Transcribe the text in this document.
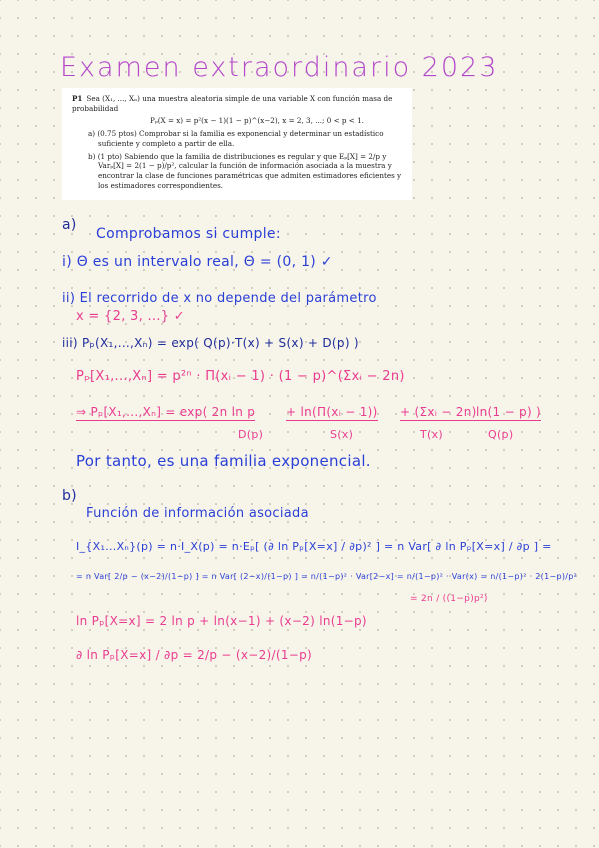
Examen extraordinario 2023

P1 Sea (X₁, ..., Xₙ) una muestra aleatoria simple de una variable X con función masa de probabilidad

Pₚ(X = x) = p²(x − 1)(1 − p)^(x−2), x = 2, 3, ...; 0 < p < 1.

a) (0.75 ptos) Comprobar si la familia es exponencial y determinar un estadístico suficiente y completo a partir de ella.

b) (1 pto) Sabiendo que la familia de distribuciones es regular y que Eₚ[X] = 2/p y Varₚ[X] = 2(1 − p)/p², calcular la función de información asociada a la muestra y encontrar la clase de funciones paramétricas que admiten estimadores eficientes y los estimadores correspondientes.

a)
Comprobamos si cumple:
i) Θ es un intervalo real, Θ = (0, 1) ✓
ii) El recorrido de x no depende del parámetro
x = {2, 3, ...} ✓
iii) Pₚ(X₁,...,Xₙ) = exp( Q(p)·T(x) + S(x) + D(p) )
Pₚ[X₁,...,Xₙ] = p²ⁿ · Π(xᵢ − 1) · (1 − p)^(Σxᵢ − 2n)
⇒ Pₚ[X₁,...,Xₙ] = exp( 2n ln p	+ ln(Π(xᵢ − 1)) + (Σxᵢ − 2n) ln(1 − p) )
D(p)	S(x)	T(x)	Q(p)
Por tanto, es una familia exponencial.
b)
Función de información asociada
I_{X₁...Xₙ}(p) = n·I_X(p) = n·Eₚ[ (∂ ln Pₚ[X=x] / ∂p)² ] = n Var[ ∂ ln Pₚ[X=x] / ∂p ] =
= n Var[ 2/p − (x−2)/(1−p) ] = n Var[ (2−x)/(1−p) ] = n/(1−p)² · Var[2−x] = n/(1−p)² · Var(x) = n/(1−p)² · 2(1−p)/p²
= 2n / ((1−p)p²)
ln Pₚ[X=x] = 2 ln p + ln(x−1) + (x−2) ln(1−p)
∂ ln Pₚ[X=x] / ∂p = 2/p − (x−2)/(1−p)
